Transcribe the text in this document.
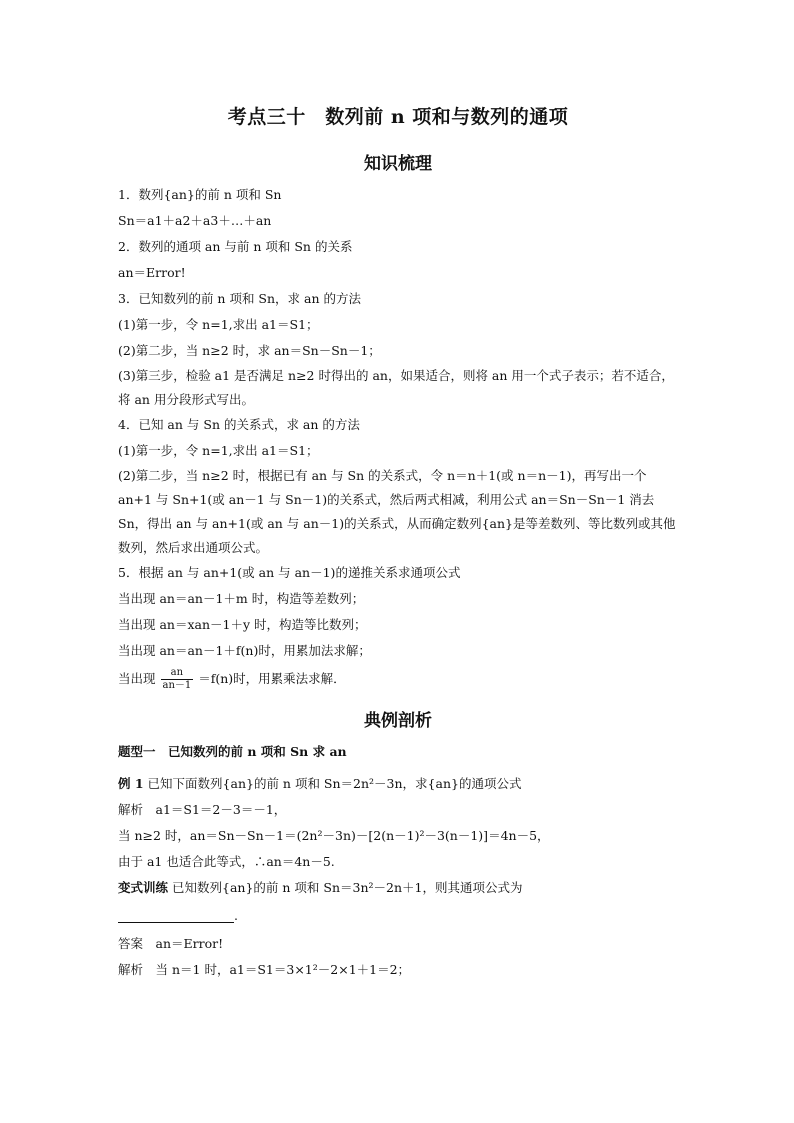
考点三十　数列前 n 项和与数列的通项
知识梳理

1．数列{an}的前 n 项和 Sn

Sn＝a1＋a2＋a3＋…＋an

2．数列的通项 an 与前 n 项和 Sn 的关系

an＝Error!

3．已知数列的前 n 项和 Sn，求 an 的方法

(1)第一步，令 n=1,求出 a1＝S1；

(2)第二步，当 n≥2 时，求 an＝Sn－Sn－1；

(3)第三步，检验 a1 是否满足 n≥2 时得出的 an，如果适合，则将 an 用一个式子表示；若不适合，将 an 用分段形式写出。

4．已知 an 与 Sn 的关系式，求 an 的方法

(1)第一步，令 n=1,求出 a1＝S1；

(2)第二步，当 n≥2 时，根据已有 an 与 Sn 的关系式，令 n＝n＋1(或 n＝n－1)，再写出一个 an+1 与 Sn+1(或 an－1 与 Sn－1)的关系式，然后两式相减，利用公式 an＝Sn－Sn－1 消去 Sn，得出 an 与 an+1(或 an 与 an－1)的关系式，从而确定数列{an}是等差数列、等比数列或其他数列，然后求出通项公式。

5．根据 an 与 an+1(或 an 与 an－1)的递推关系求通项公式

当出现 an＝an－1＋m 时，构造等差数列；

当出现 an＝xan－1＋y 时，构造等比数列；

当出现 an＝an－1＋f(n)时，用累加法求解；

当出现 $\frac{an}{an-1} =f(n)$时，用累乘法求解．

典例剖析

题型一　已知数列的前 n 项和 Sn 求 an

例 1 已知下面数列{an}的前 n 项和 Sn＝2n²－3n，求{an}的通项公式

解析　a1＝S1＝2－3＝－1，

当 n≥2 时，an＝Sn－Sn－1＝(2n²－3n)－[2(n－1)²－3(n－1)]＝4n－5，

由于 a1 也适合此等式，∴an＝4n－5.

变式训练 已知数列{an}的前 n 项和 Sn＝3n²－2n＋1，则其通项公式为

.

答案　an＝Error!

解析　当 n＝1 时，a1＝S1＝3×1²－2×1＋1＝2；
